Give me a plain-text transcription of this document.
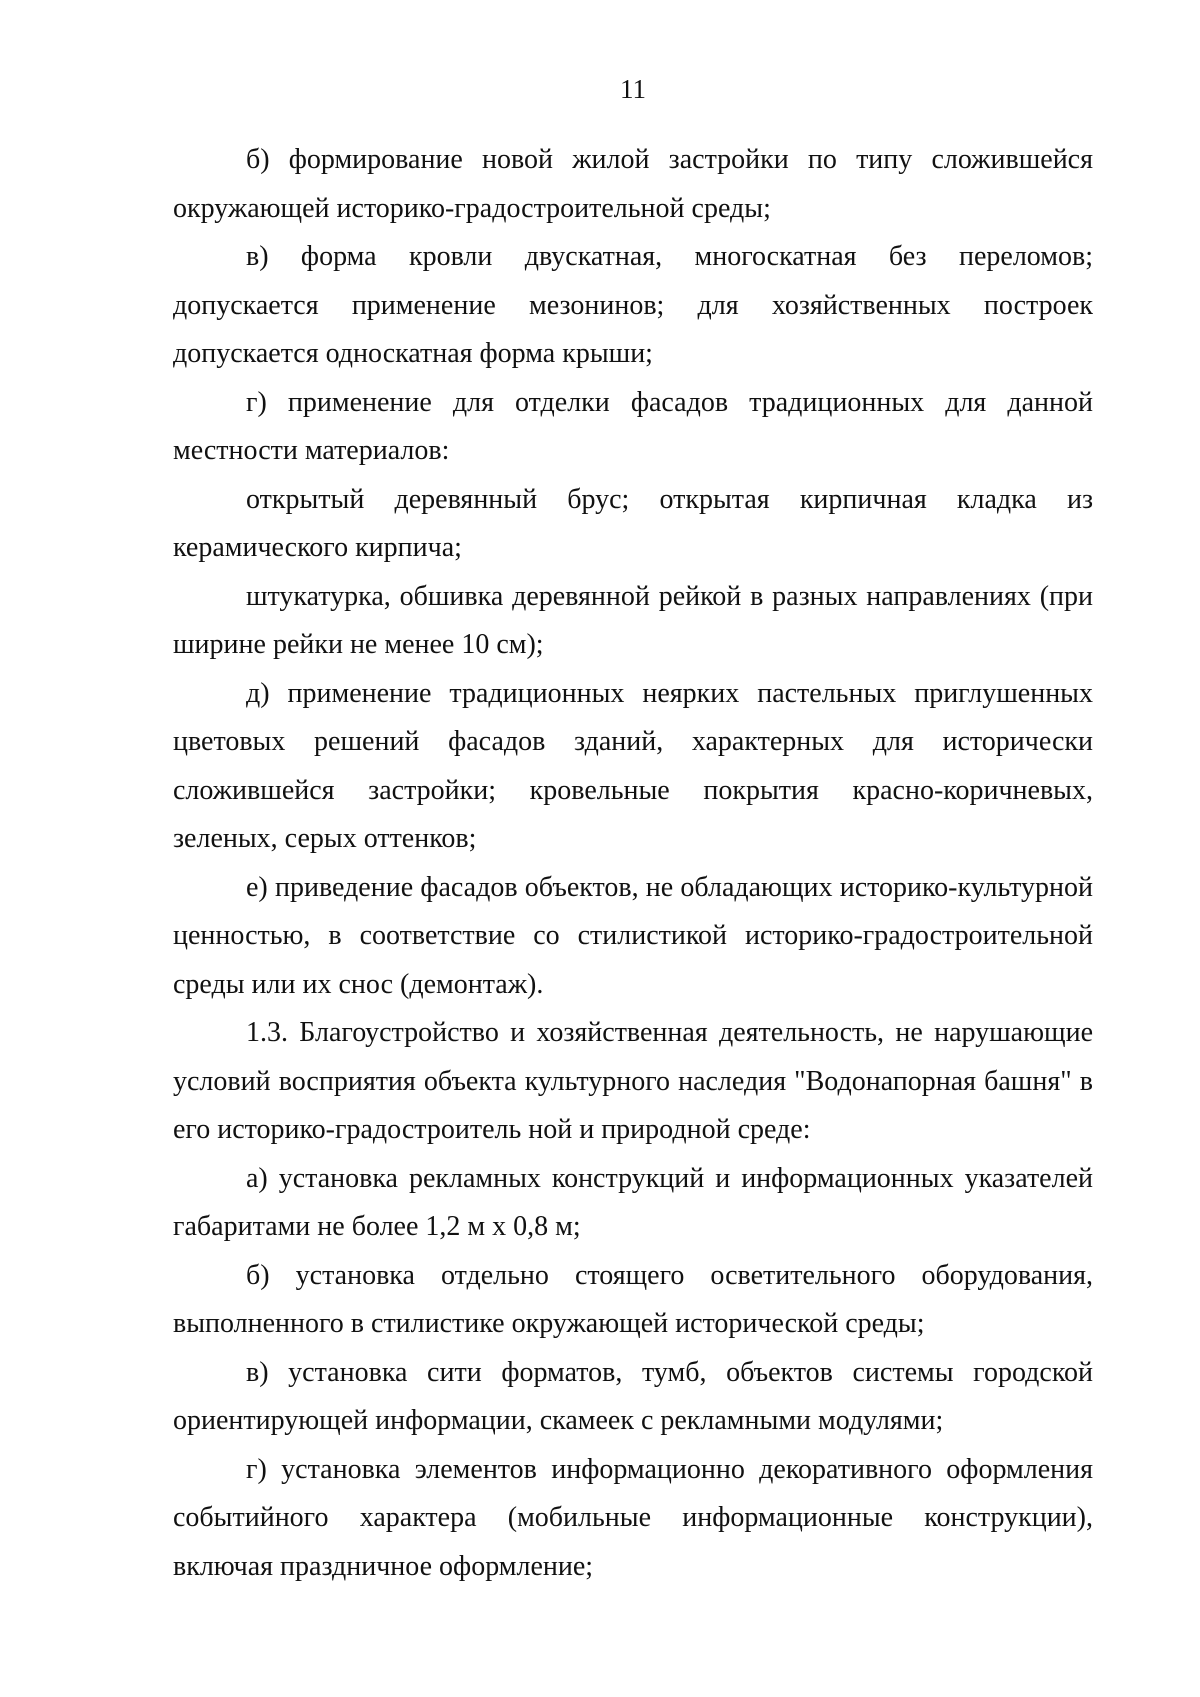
11

б) формирование новой жилой застройки по типу сложившейся окружающей историко-градостроительной среды;

в) форма кровли двускатная, многоскатная без переломов; допускается применение мезонинов; для хозяйственных построек допускается односкатная форма крыши;

г) применение для отделки фасадов традиционных для данной местности материалов:

открытый деревянный брус; открытая кирпичная кладка из керамического кирпича;

штукатурка, обшивка деревянной рейкой в разных направлениях (при ширине рейки не менее 10 см);

д) применение традиционных неярких пастельных приглушенных цветовых решений фасадов зданий, характерных для исторически сложившейся застройки; кровельные покрытия красно-коричневых, зеленых, серых оттенков;

е) приведение фасадов объектов, не обладающих историко-культурной ценностью, в соответствие со стилистикой историко-градостроительной среды или их снос (демонтаж).

1.3. Благоустройство и хозяйственная деятельность, не нарушающие условий восприятия объекта культурного наследия "Водонапорная башня" в его историко-градостроитель ной и природной среде:

а) установка рекламных конструкций и информационных указателей габаритами не более 1,2 м х 0,8 м;

б) установка отдельно стоящего осветительного оборудования, выполненного в стилистике окружающей исторической среды;

в) установка сити форматов, тумб, объектов системы городской ориентирующей информации, скамеек с рекламными модулями;

г) установка элементов информационно декоративного оформления событийного характера (мобильные информационные конструкции), включая праздничное оформление;
